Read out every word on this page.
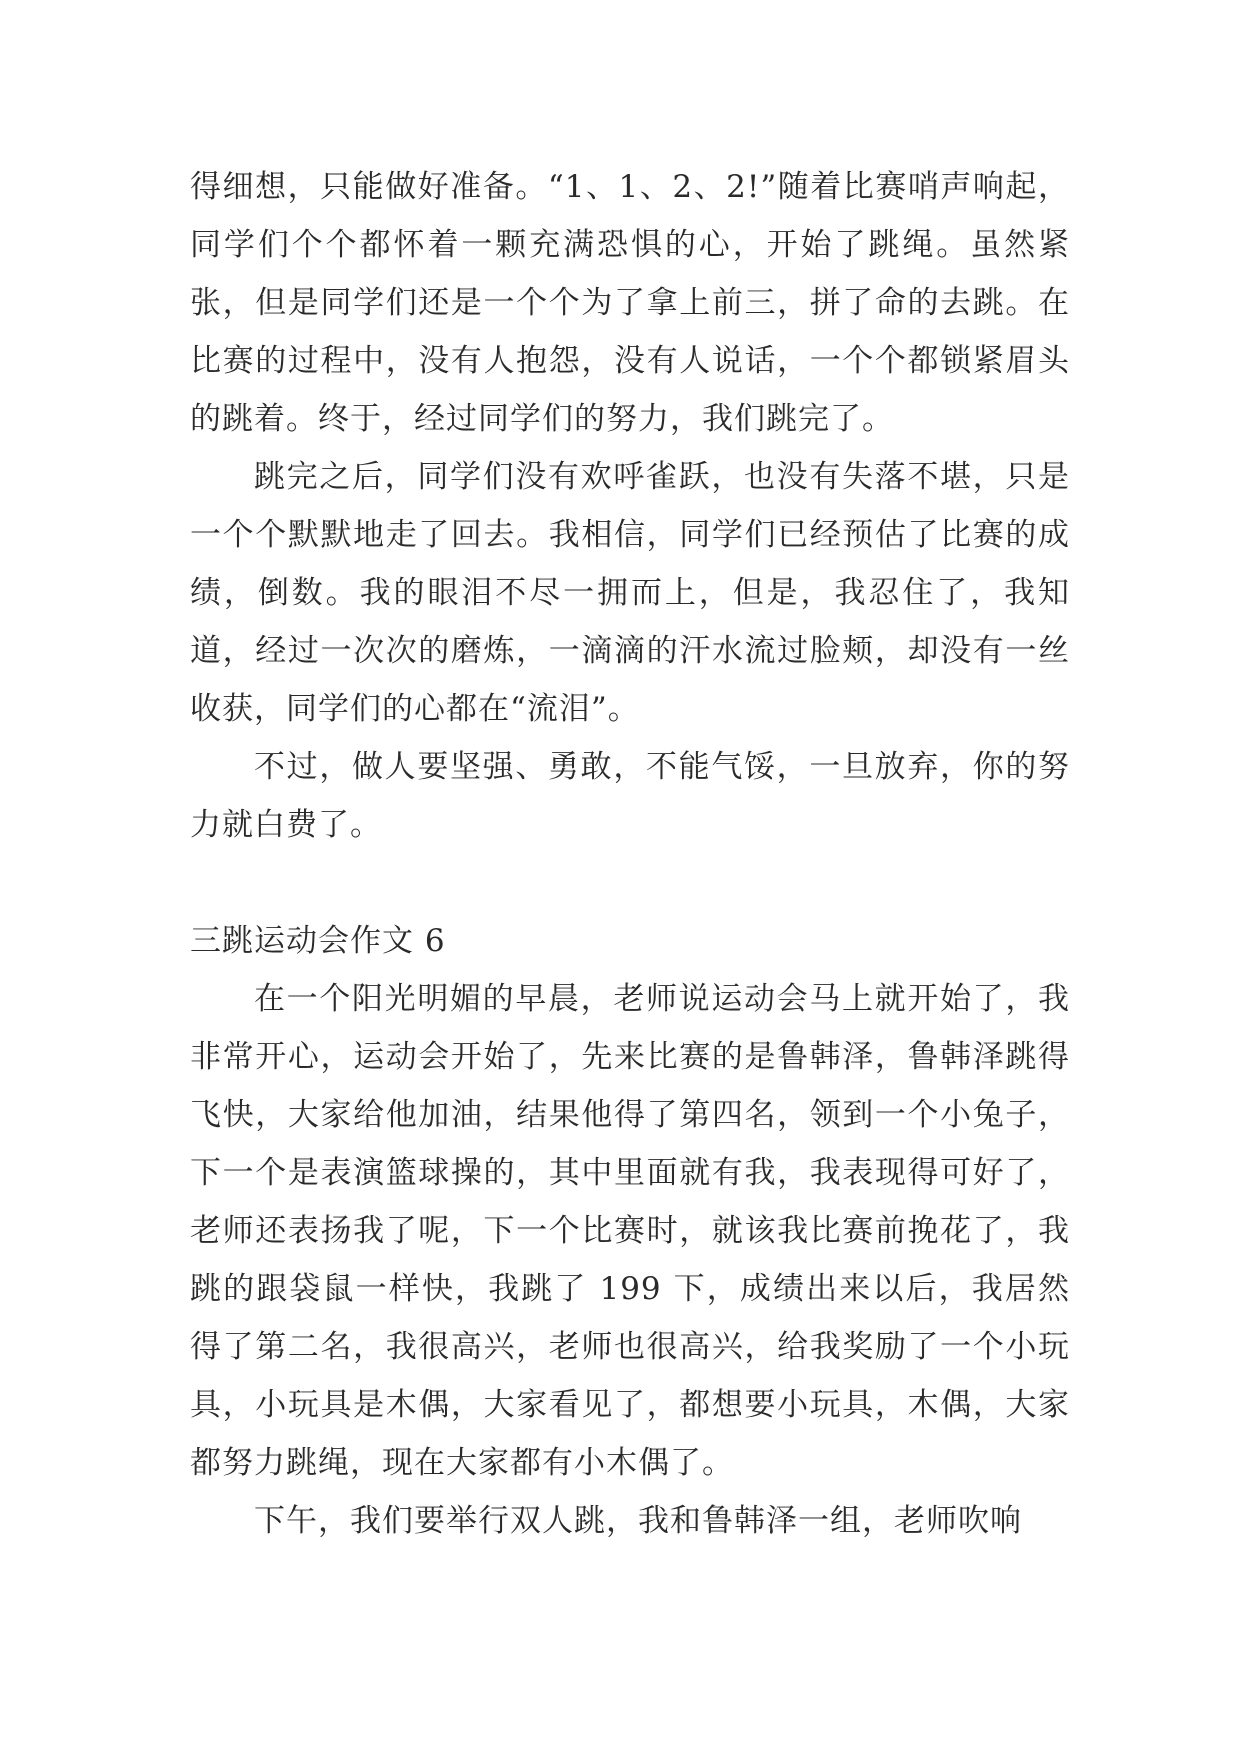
得细想，只能做好准备。“1、1、2、2!”随着比赛哨声响起，同学们个个都怀着一颗充满恐惧的心，开始了跳绳。虽然紧张，但是同学们还是一个个为了拿上前三，拼了命的去跳。在比赛的过程中，没有人抱怨，没有人说话，一个个都锁紧眉头的跳着。终于，经过同学们的努力，我们跳完了。

跳完之后，同学们没有欢呼雀跃，也没有失落不堪，只是一个个默默地走了回去。我相信，同学们已经预估了比赛的成绩，倒数。我的眼泪不尽一拥而上，但是，我忍住了，我知道，经过一次次的磨炼，一滴滴的汗水流过脸颊，却没有一丝收获，同学们的心都在“流泪”。

不过，做人要坚强、勇敢，不能气馁，一旦放弃，你的努力就白费了。

三跳运动会作文 6

在一个阳光明媚的早晨，老师说运动会马上就开始了，我非常开心，运动会开始了，先来比赛的是鲁韩泽，鲁韩泽跳得飞快，大家给他加油，结果他得了第四名，领到一个小兔子，下一个是表演篮球操的，其中里面就有我，我表现得可好了，老师还表扬我了呢，下一个比赛时，就该我比赛前挽花了，我跳的跟袋鼠一样快，我跳了 199 下，成绩出来以后，我居然得了第二名，我很高兴，老师也很高兴，给我奖励了一个小玩具，小玩具是木偶，大家看见了，都想要小玩具，木偶，大家都努力跳绳，现在大家都有小木偶了。

下午，我们要举行双人跳，我和鲁韩泽一组，老师吹响
